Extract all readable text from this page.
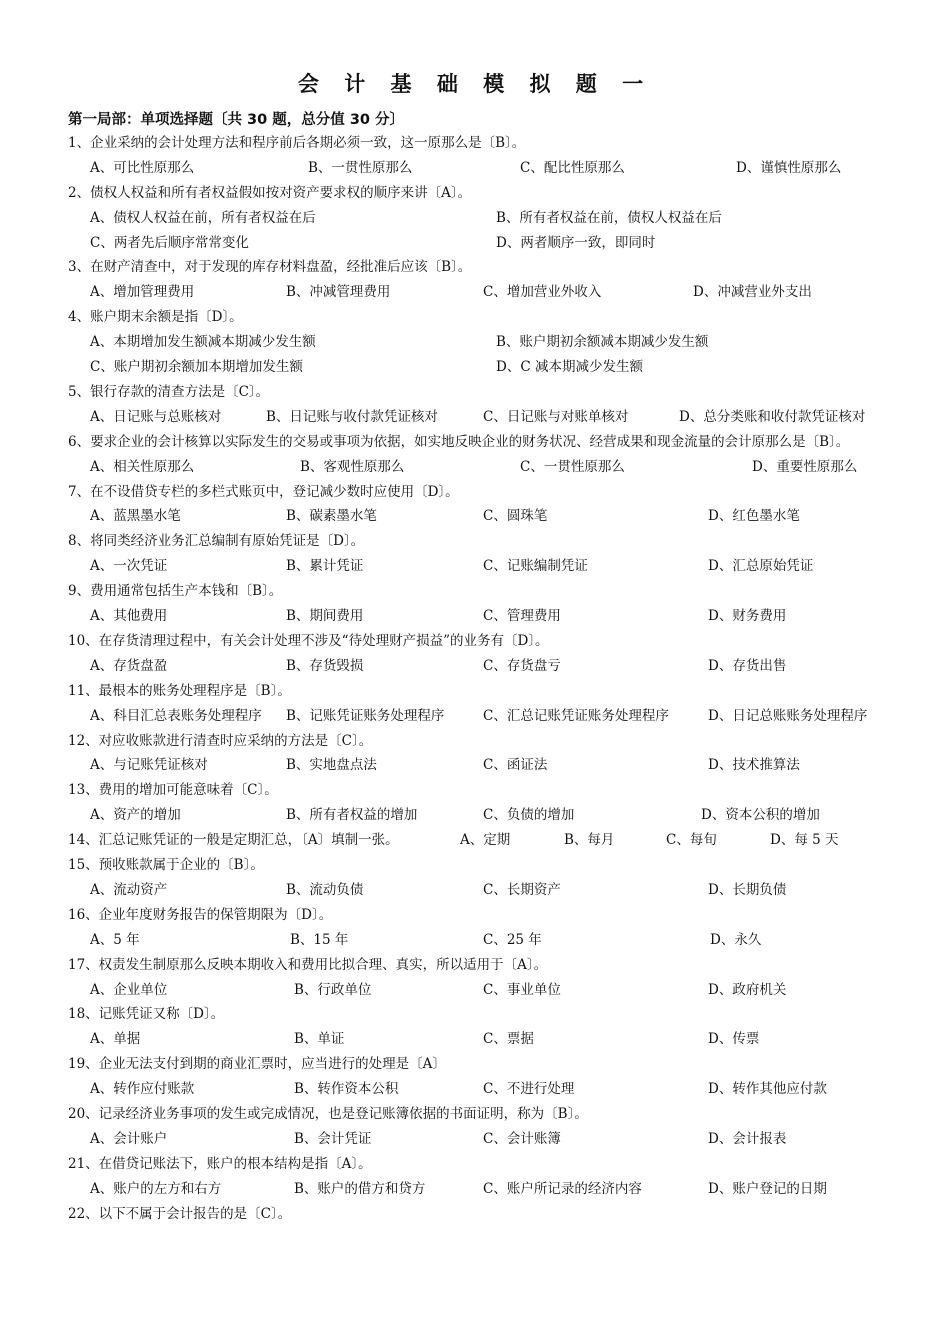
会 计 基 础 模 拟 题 一
第一局部：单项选择题〔共 30 题，总分值 30 分〕
1、企业采纳的会计处理方法和程序前后各期必须一致，这一原那么是〔B〕。
A、可比性原那么	B、一贯性原那么	C、配比性原那么	D、谨慎性原那么
2、债权人权益和所有者权益假如按对资产要求权的顺序来讲〔A〕。
A、债权人权益在前，所有者权益在后	B、所有者权益在前，债权人权益在后
C、两者先后顺序常常变化	D、两者顺序一致，即同时
3、在财产清查中，对于发现的库存材料盘盈，经批准后应该〔B〕。
A、增加管理费用	B、冲减管理费用	C、增加营业外收入	D、冲减营业外支出
4、账户期末余额是指〔D〕。
A、本期增加发生额减本期减少发生额	B、账户期初余额减本期减少发生额
C、账户期初余额加本期增加发生额	D、C 减本期减少发生额
5、银行存款的清查方法是〔C〕。
A、日记账与总账核对	B、日记账与收付款凭证核对	C、日记账与对账单核对	D、总分类账和收付款凭证核对
6、要求企业的会计核算以实际发生的交易或事项为依据，如实地反映企业的财务状况、经营成果和现金流量的会计原那么是〔B〕。
A、相关性原那么	B、客观性原那么	C、一贯性原那么	D、重要性原那么
7、在不设借贷专栏的多栏式账页中，登记减少数时应使用〔D〕。
A、蓝黑墨水笔	B、碳素墨水笔	C、圆珠笔	D、红色墨水笔
8、将同类经济业务汇总编制有原始凭证是〔D〕。
A、一次凭证	B、累计凭证	C、记账编制凭证	D、汇总原始凭证
9、费用通常包括生产本钱和〔B〕。
A、其他费用	B、期间费用	C、管理费用	D、财务费用
10、在存货清理过程中，有关会计处理不涉及“待处理财产损益”的业务有〔D〕。
A、存货盘盈	B、存货毁损	C、存货盘亏	D、存货出售
11、最根本的账务处理程序是〔B〕。
A、科目汇总表账务处理程序 B、记账凭证账务处理程序	C、汇总记账凭证账务处理程序	D、日记总账账务处理程序
12、对应收账款进行清查时应采纳的方法是〔C〕。
A、与记账凭证核对	B、实地盘点法	C、函证法	D、技术推算法
13、费用的增加可能意味着〔C〕。
A、资产的增加	B、所有者权益的增加	C、负债的增加	D、资本公积的增加
14、汇总记账凭证的一般是定期汇总，〔A〕填制一张。	A、定期	B、每月	C、每旬	D、每 5 天
15、预收账款属于企业的〔B〕。
A、流动资产	B、流动负债	C、长期资产	D、长期负债
16、企业年度财务报告的保管期限为〔D〕。
A、5 年	B、15 年	C、25 年	D、永久
17、权责发生制原那么反映本期收入和费用比拟合理、真实，所以适用于〔A〕。
A、企业单位	B、行政单位	C、事业单位	D、政府机关
18、记账凭证又称〔D〕。
A、单据	B、单证	C、票据	D、传票
19、企业无法支付到期的商业汇票时，应当进行的处理是〔A〕
A、转作应付账款	B、转作资本公积	C、不进行处理	D、转作其他应付款
20、记录经济业务事项的发生或完成情况，也是登记账簿依据的书面证明，称为〔B〕。
A、会计账户	B、会计凭证	C、会计账簿	D、会计报表
21、在借贷记账法下，账户的根本结构是指〔A〕。
A、账户的左方和右方	B、账户的借方和贷方	C、账户所记录的经济内容	D、账户登记的日期
22、以下不属于会计报告的是〔C〕。
